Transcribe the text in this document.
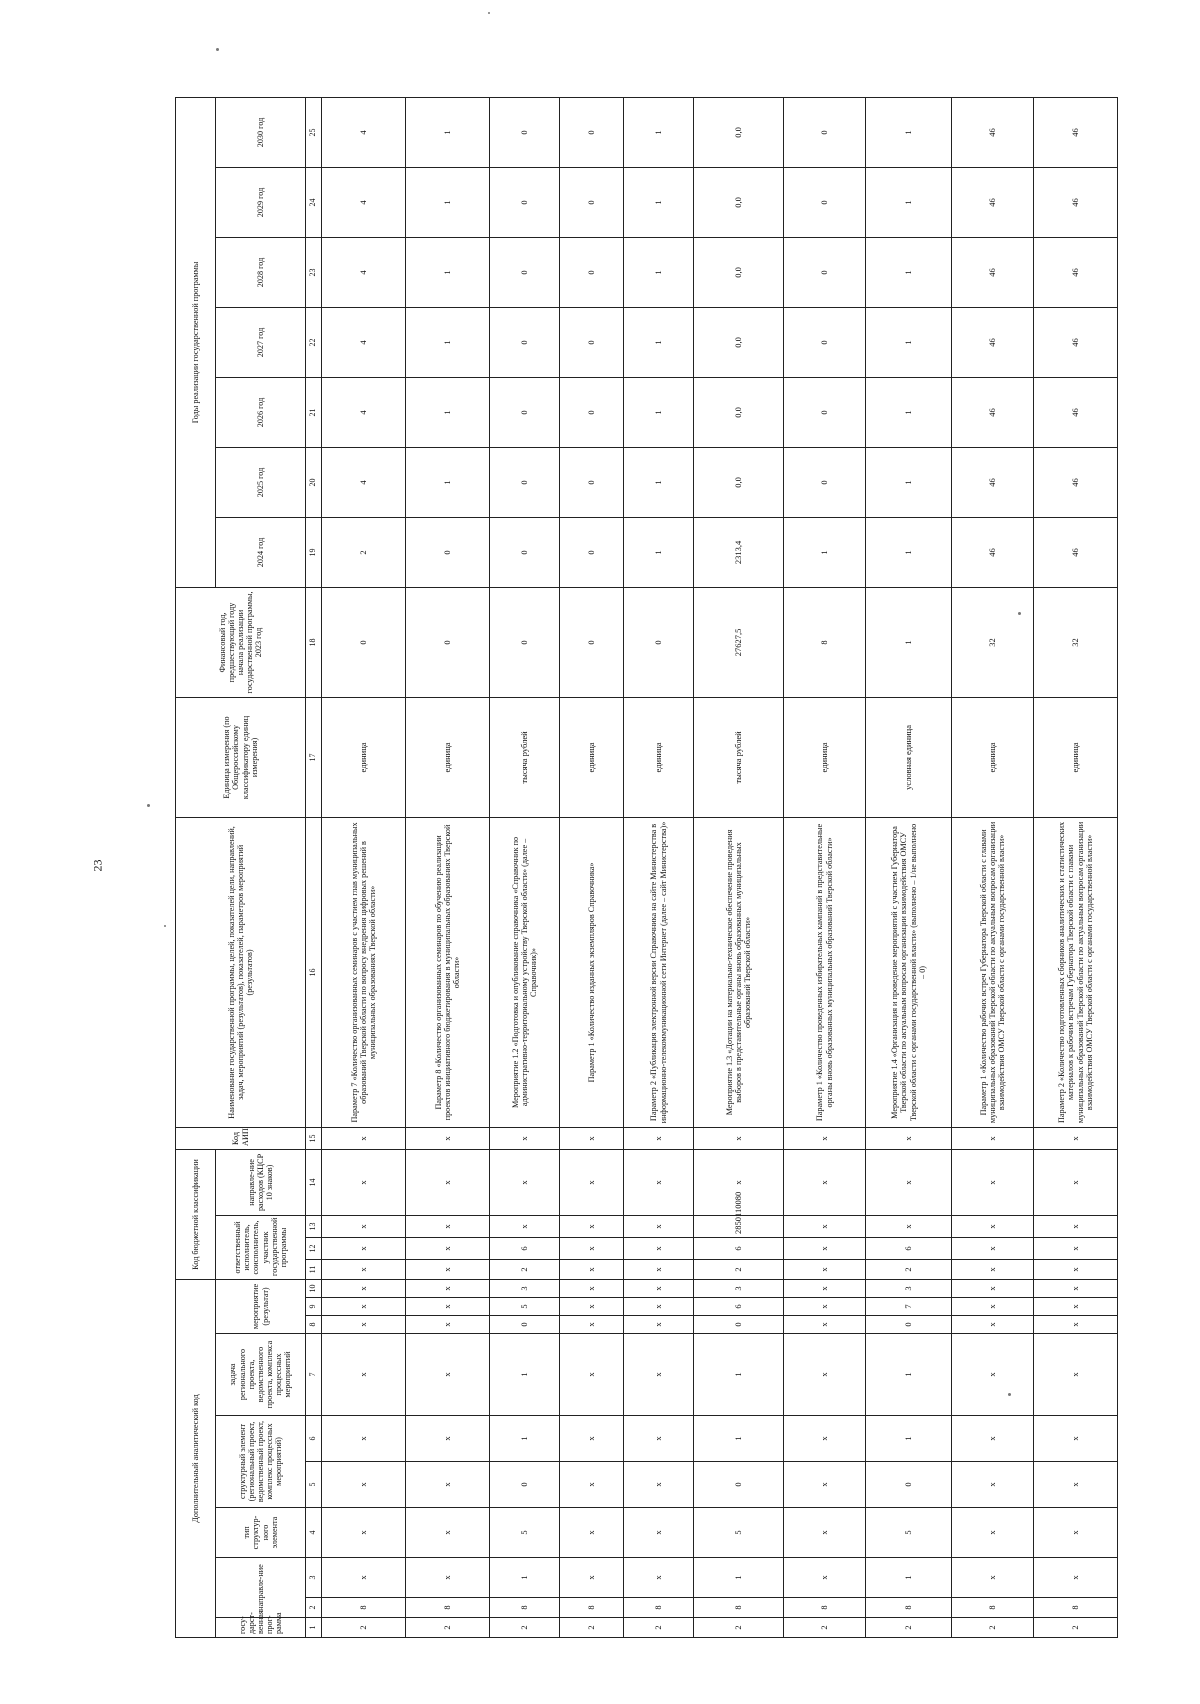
23
Дополнительный аналитический код										Код бюджетной классификации				Код АИП	Наименование государственной программы, целей, показателей цели, направлений, задач, мероприятий (результатов), показателей, параметров мероприятий (результатов)	Единица измерения (по Общероссийскому классификатору единиц измерения)	Финансовый год, предшествующий году начала реализации государственной программы, 2023 год	Годы реализации государственной программы						
госу-дарст-венная прог-рамма	направле-ние		тип структур-ного элемента	структурный элемент (региональный проект, ведомственный проект, комплекс процессных мероприятий)		задача регионального проекта, ведомственного проекта, комплекса процессных мероприятий	мероприятие (результат)			ответственный исполнитель, соисполнитель, участник государственной программы			направле-ние расходов (КЦСР 10 знаков)					2024 год	2025 год	2026 год	2027 год	2028 год	2029 год	2030 год

1	2	3	4	5	6	7	8	9	10	11	12	13	14	15	16	17	18	19	20	21	22	23	24	25
2	8	х	х	х	х	х	х	х	х	х	х	х	х	х	Параметр 7 «Количество организованных семинаров с участием глав муниципальных образований Тверской области по вопросу внедрения цифровых решений в муниципальных образованиях Тверской области»	единица	0	2	4	4	4	4	4	4
2	8	х	х	х	х	х	х	х	х	х	х	х	х	х	Параметр 8 «Количество организованных семинаров по обучению реализации проектов инициативного бюджетирования в муниципальных образованиях Тверской области»	единица	0	0	1	1	1	1	1	1
2	8	1	5	0	1	1	0	5	3	2	6	х	х	х	Мероприятие 1.2 «Подготовка и опубликование справочника «Справочник по административно-территориальному устройству Тверской области» (далее – Справочник)»	тысяча рублей	0	0	0	0	0	0	0	0
2	8	х	х	х	х	х	х	х	х	х	х	х	х	х	Параметр 1 «Количество изданных экземпляров Справочника»	единица	0	0	0	0	0	0	0	0
2	8	х	х	х	х	х	х	х	х	х	х	х	х	х	Параметр 2 «Публикация электронной версии Справочника на сайте Министерства в информационно-телекоммуникационной сети Интернет (далее – сайт Министерства)»	единица	0	1	1	1	1	1	1	1
2	8	1	5	0	1	1	0	6	3	2	6	2850110080	х	х	Мероприятие 1.3 «Дотации на материально-техническое обеспечение проведения выборов в представительные органы вновь образованных муниципальных образований Тверской области»	тысяча рублей	27627,5	2313,4	0,0	0,0	0,0	0,0	0,0	0,0
2	8	х	х	х	х	х	х	х	х	х	х	х	х	х	Параметр 1 «Количество проведенных избирательных кампаний в представительные органы вновь образованных муниципальных образований Тверской области»	единица	8	1	0	0	0	0	0	0
2	8	1	5	0	1	1	0	7	3	2	6	х	х	х	Мероприятие 1.4 «Организация и проведение мероприятий с участием Губернатора Тверской области по актуальным вопросам организации взаимодействия ОМСУ Тверской области с органами государственной власти» (выполнено – 1/не выполнено – 0)	условная единица	1	1	1	1	1	1	1	1
2	8	х	х	х	х	х	х	х	х	х	х	х	х	х	Параметр 1 «Количество рабочих встреч Губернатора Тверской области с главами муниципальных образований Тверской области по актуальным вопросам организации взаимодействия ОМСУ Тверской области с органами государственной власти»	единица	32	46	46	46	46	46	46	46
2	8	х	х	х	х	х	х	х	х	х	х	х	х	х	Параметр 2 «Количество подготовленных сборников аналитических и статистических материалов к рабочим встречам Губернатора Тверской области с главами муниципальных образований Тверской области по актуальным вопросам организации взаимодействия ОМСУ Тверской области с органами государственной власти»	единица	32	46	46	46	46	46	46	46
